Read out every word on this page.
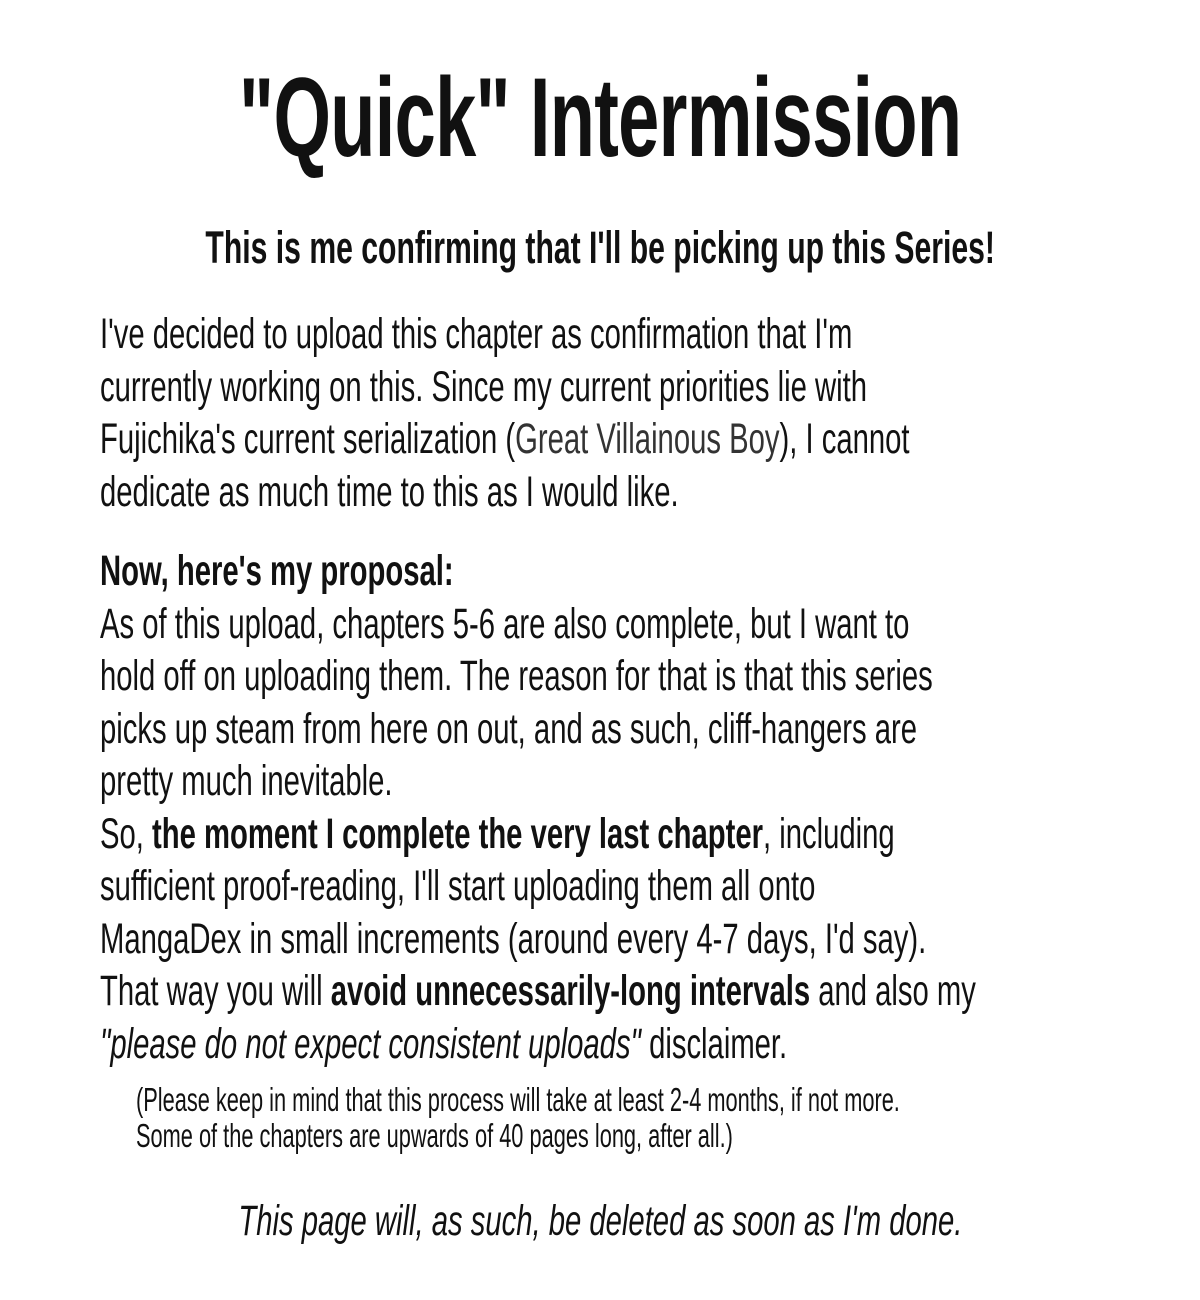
"Quick" Intermission
This is me confirming that I'll be picking up this Series!
I've decided to upload this chapter as confirmation that I'm
currently working on this. Since my current priorities lie with
Fujichika's current serialization (Great Villainous Boy), I cannot
dedicate as much time to this as I would like.
Now, here's my proposal:
As of this upload, chapters 5-6 are also complete, but I want to
hold off on uploading them. The reason for that is that this series
picks up steam from here on out, and as such, cliff-hangers are
pretty much inevitable.
So, the moment I complete the very last chapter, including
sufficient proof-reading, I'll start uploading them all onto
MangaDex in small increments (around every 4-7 days, I'd say).
That way you will avoid unnecessarily-long intervals and also my
"please do not expect consistent uploads" disclaimer.
(Please keep in mind that this process will take at least 2-4 months, if not more.
Some of the chapters are upwards of 40 pages long, after all.)
This page will, as such, be deleted as soon as I'm done.
